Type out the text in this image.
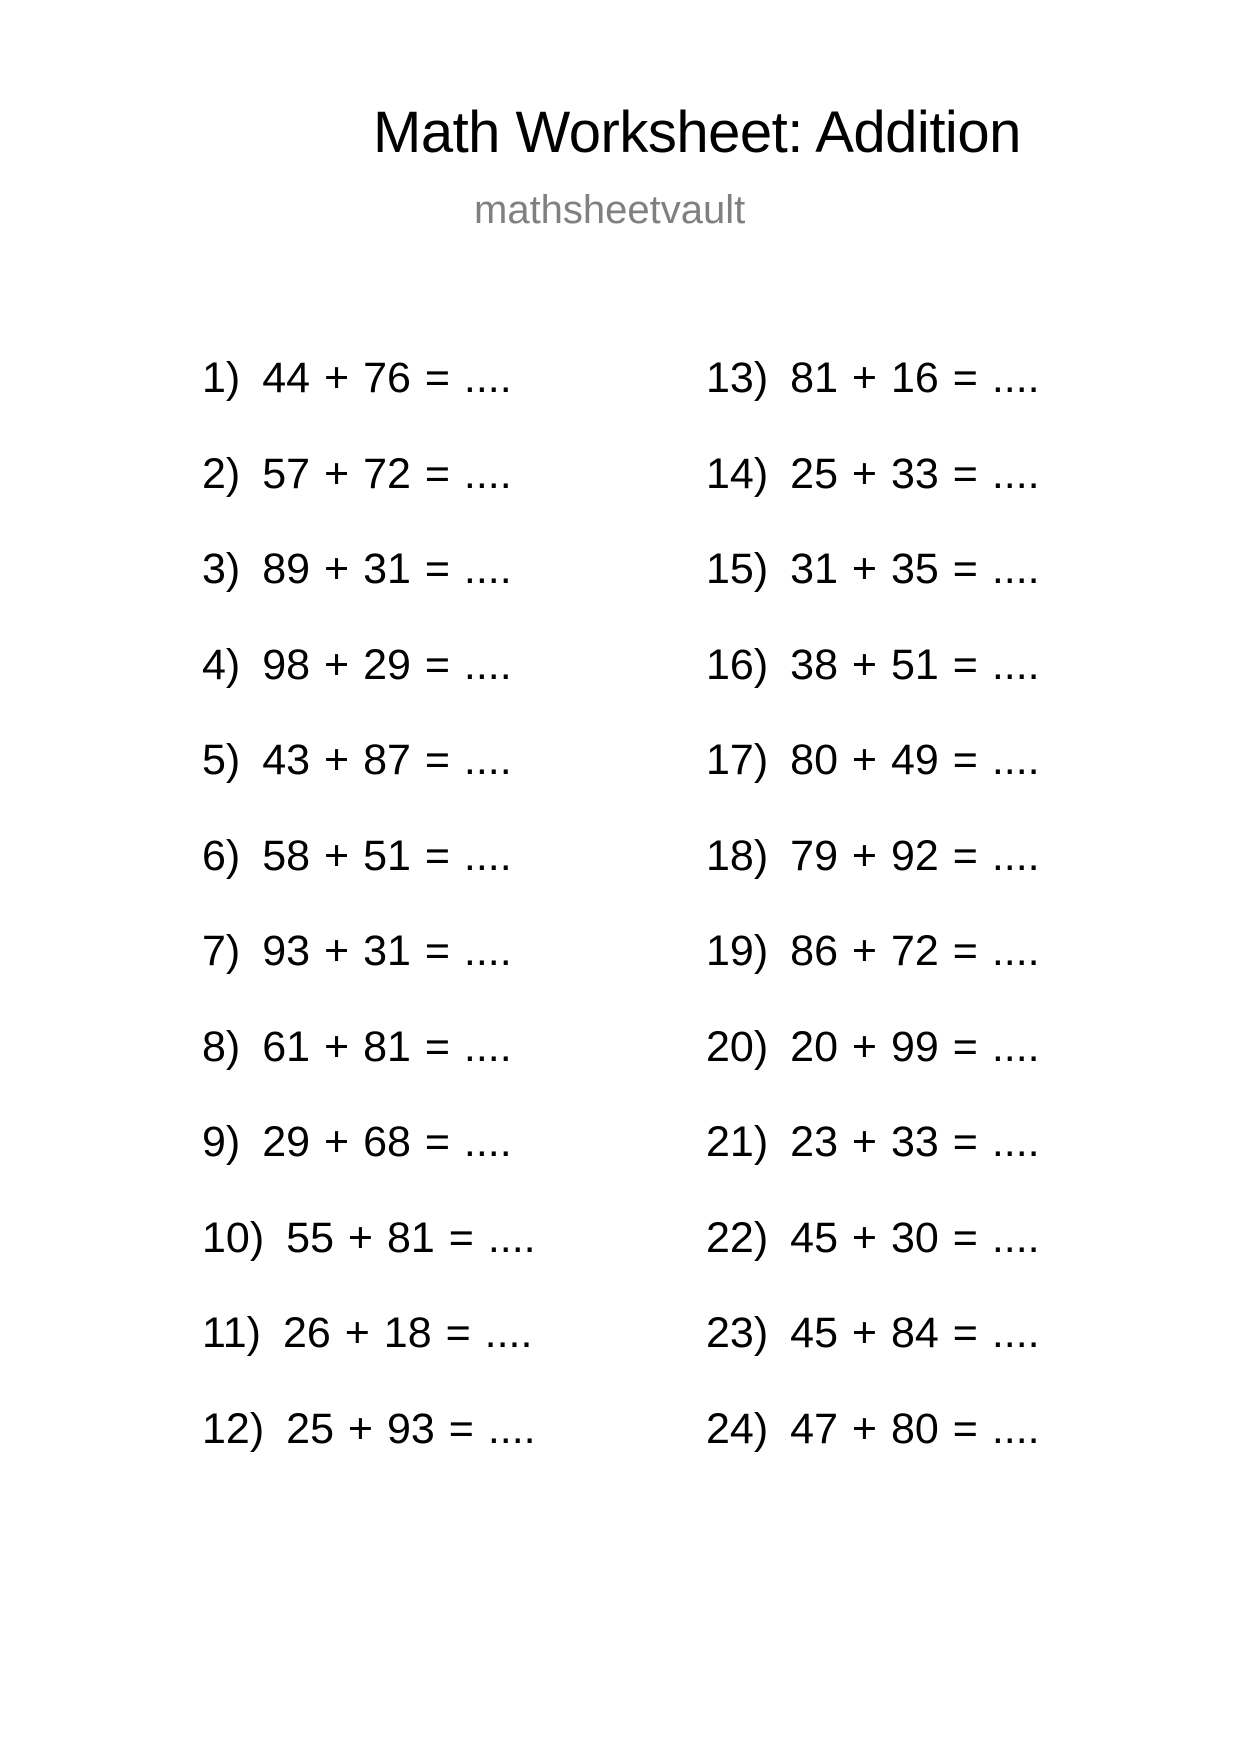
Math Worksheet: Addition
mathsheetvault
1) 44 + 76 = ....
2) 57 + 72 = ....
3) 89 + 31 = ....
4) 98 + 29 = ....
5) 43 + 87 = ....
6) 58 + 51 = ....
7) 93 + 31 = ....
8) 61 + 81 = ....
9) 29 + 68 = ....
10) 55 + 81 = ....
11) 26 + 18 = ....
12) 25 + 93 = ....
13) 81 + 16 = ....
14) 25 + 33 = ....
15) 31 + 35 = ....
16) 38 + 51 = ....
17) 80 + 49 = ....
18) 79 + 92 = ....
19) 86 + 72 = ....
20) 20 + 99 = ....
21) 23 + 33 = ....
22) 45 + 30 = ....
23) 45 + 84 = ....
24) 47 + 80 = ....
